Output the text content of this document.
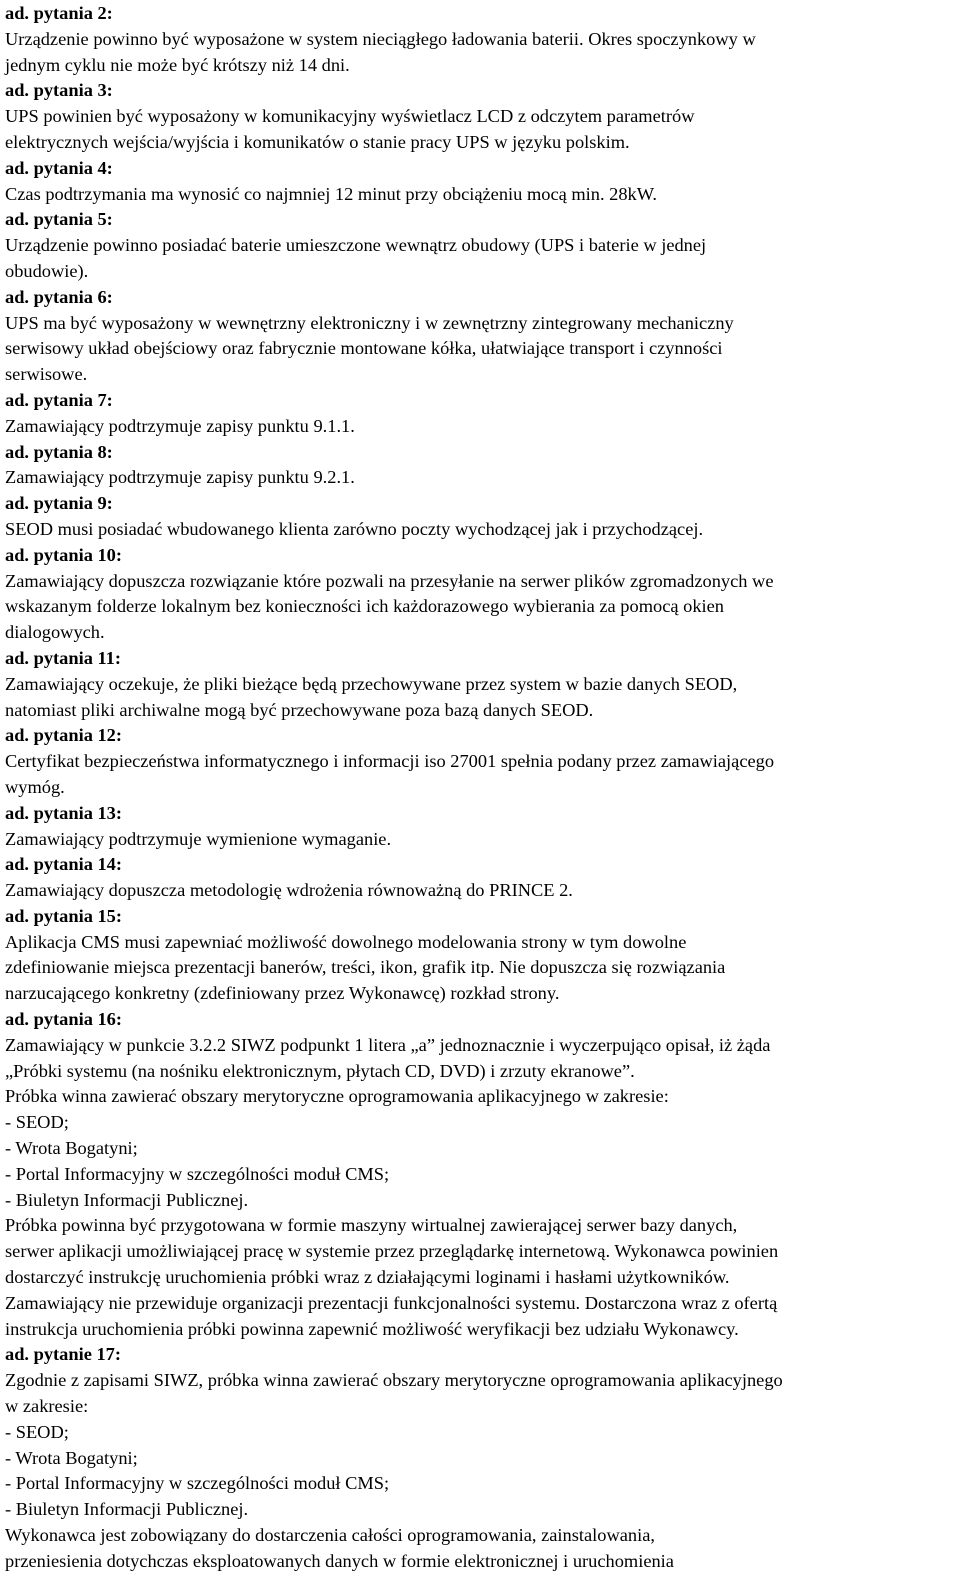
ad. pytania 2:
Urządzenie powinno być wyposażone w system nieciągłego ładowania baterii. Okres spoczynkowy w
jednym cyklu nie może być krótszy niż 14 dni.
ad. pytania 3:
UPS powinien być wyposażony w komunikacyjny wyświetlacz LCD z odczytem parametrów
elektrycznych wejścia/wyjścia i komunikatów o stanie pracy UPS w języku polskim.
ad. pytania 4:
Czas podtrzymania ma wynosić co najmniej 12 minut przy obciążeniu mocą min. 28kW.
ad. pytania 5:
Urządzenie powinno posiadać baterie umieszczone wewnątrz obudowy (UPS i baterie w jednej
obudowie).
ad. pytania 6:
UPS ma być wyposażony w wewnętrzny elektroniczny i w zewnętrzny zintegrowany mechaniczny
serwisowy układ obejściowy oraz fabrycznie montowane kółka, ułatwiające transport i czynności
serwisowe.
ad. pytania 7:
Zamawiający podtrzymuje zapisy punktu 9.1.1.
ad. pytania 8:
Zamawiający podtrzymuje zapisy punktu 9.2.1.
ad. pytania 9:
SEOD musi posiadać wbudowanego klienta zarówno poczty wychodzącej jak i przychodzącej.
ad. pytania 10:
Zamawiający dopuszcza rozwiązanie które pozwali na przesyłanie na serwer plików zgromadzonych we
wskazanym folderze lokalnym bez konieczności ich każdorazowego wybierania za pomocą okien
dialogowych.
ad. pytania 11:
Zamawiający oczekuje, że pliki bieżące będą przechowywane przez system w bazie danych SEOD,
natomiast pliki archiwalne mogą być przechowywane poza bazą danych SEOD.
ad. pytania 12:
Certyfikat bezpieczeństwa informatycznego i informacji iso 27001 spełnia podany przez zamawiającego
wymóg.
ad. pytania 13:
Zamawiający podtrzymuje wymienione wymaganie.
ad. pytania 14:
Zamawiający dopuszcza metodologię wdrożenia równoważną do PRINCE 2.
ad. pytania 15:
Aplikacja CMS musi zapewniać możliwość dowolnego modelowania strony w tym dowolne
zdefiniowanie miejsca prezentacji banerów, treści, ikon, grafik itp. Nie dopuszcza się rozwiązania
narzucającego konkretny (zdefiniowany przez Wykonawcę) rozkład strony.
ad. pytania 16:
Zamawiający w punkcie 3.2.2 SIWZ podpunkt 1 litera „a” jednoznacznie i wyczerpująco opisał, iż żąda
„Próbki systemu (na nośniku elektronicznym, płytach CD, DVD) i zrzuty ekranowe”.
Próbka winna zawierać obszary merytoryczne oprogramowania aplikacyjnego w zakresie:
- SEOD;
- Wrota Bogatyni;
- Portal Informacyjny w szczególności moduł CMS;
- Biuletyn Informacji Publicznej.
Próbka powinna być przygotowana w formie maszyny wirtualnej zawierającej serwer bazy danych,
serwer aplikacji umożliwiającej pracę w systemie przez przeglądarkę internetową. Wykonawca powinien
dostarczyć instrukcję uruchomienia próbki wraz z działającymi loginami i hasłami użytkowników.
Zamawiający nie przewiduje organizacji prezentacji funkcjonalności systemu. Dostarczona wraz z ofertą
instrukcja uruchomienia próbki powinna zapewnić możliwość weryfikacji bez udziału Wykonawcy.
ad. pytanie 17:
Zgodnie z zapisami SIWZ, próbka winna zawierać obszary merytoryczne oprogramowania aplikacyjnego
w zakresie:
- SEOD;
- Wrota Bogatyni;
- Portal Informacyjny w szczególności moduł CMS;
- Biuletyn Informacji Publicznej.
Wykonawca jest zobowiązany do dostarczenia całości oprogramowania, zainstalowania,
przeniesienia dotychczas eksploatowanych danych w formie elektronicznej i uruchomienia
